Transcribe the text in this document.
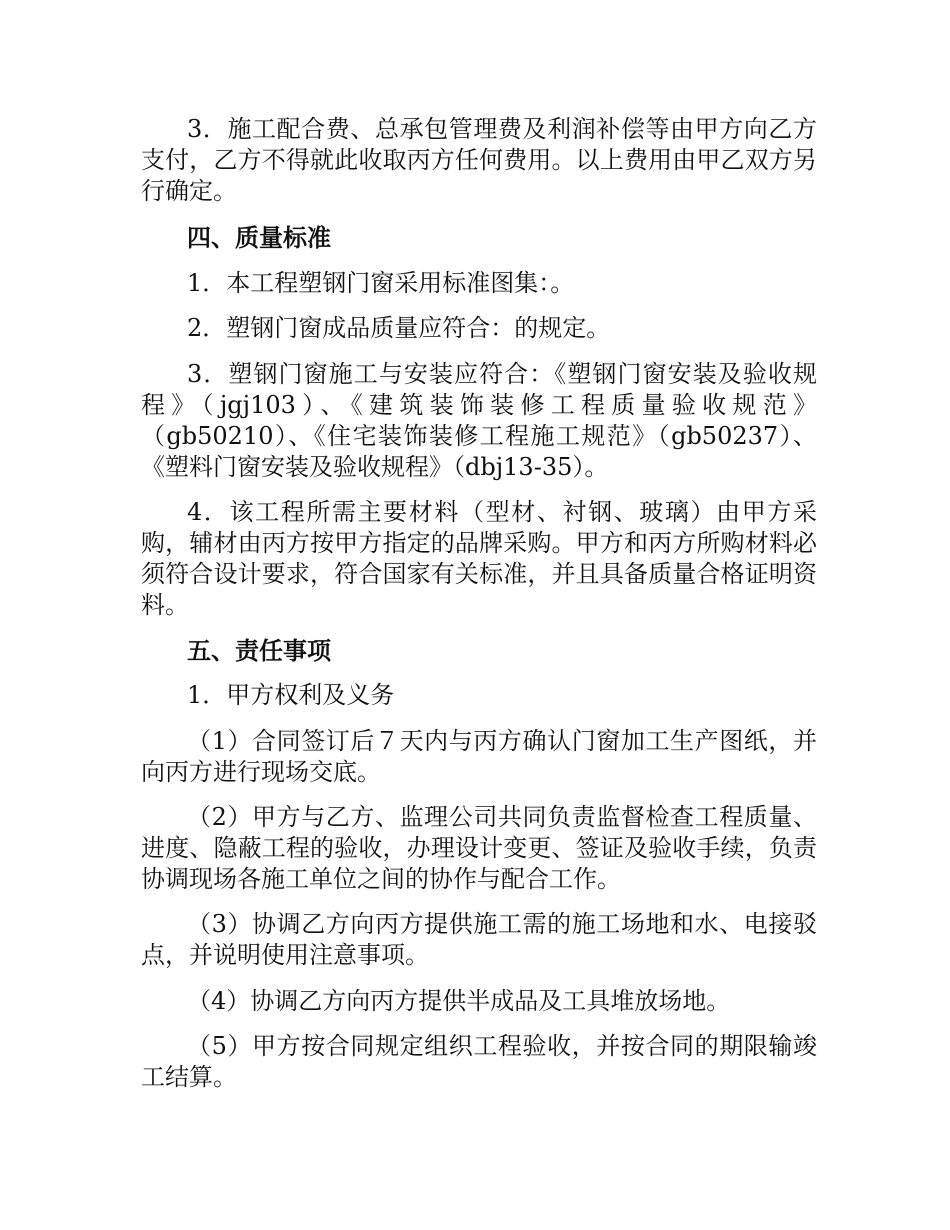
3．施工配合费、总承包管理费及利润补偿等由甲方向乙方支付，乙方不得就此收取丙方任何费用。以上费用由甲乙双方另行确定。

四、质量标准

1．本工程塑钢门窗采用标准图集：。

2．塑钢门窗成品质量应符合：的规定。

3．塑钢门窗施工与安装应符合：《塑钢门窗安装及验收规程》（jgj103）、《建筑装饰装修工程质量验收规范》（gb50210）、《住宅装饰装修工程施工规范》（gb50237）、《塑料门窗安装及验收规程》（dbj13-35）。

4．该工程所需主要材料（型材、衬钢、玻璃）由甲方采购，辅材由丙方按甲方指定的品牌采购。甲方和丙方所购材料必须符合设计要求，符合国家有关标准，并且具备质量合格证明资料。

五、责任事项

1．甲方权利及义务

（1）合同签订后７天内与丙方确认门窗加工生产图纸，并向丙方进行现场交底。

（2）甲方与乙方、监理公司共同负责监督检查工程质量、进度、隐蔽工程的验收，办理设计变更、签证及验收手续，负责协调现场各施工单位之间的协作与配合工作。

（3）协调乙方向丙方提供施工需的施工场地和水、电接驳点，并说明使用注意事项。

（4）协调乙方向丙方提供半成品及工具堆放场地。

（5）甲方按合同规定组织工程验收，并按合同的期限输竣工结算。
